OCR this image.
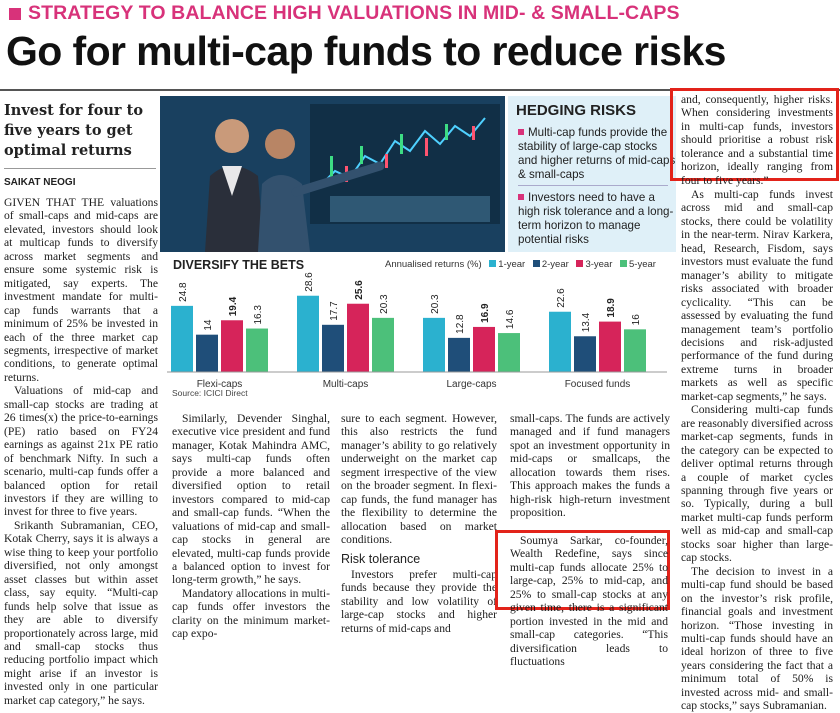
STRATEGY TO BALANCE HIGH VALUATIONS IN MID- & SMALL-CAPS
Go for multi-cap funds to reduce risks
Invest for four to five years to get optimal returns
SAIKAT NEOGI

GIVEN THAT THE valuations of small-caps and mid-caps are elevated, investors should look at multicap funds to diversify across market segments and ensure some systemic risk is mitigated, say experts. The investment mandate for multi-cap funds warrants that a minimum of 25% be invested in each of the three market cap segments, irrespective of market conditions, to generate optimal returns.

Valuations of mid-cap and small-cap stocks are trading at 26 times(x) the price-to-earnings (PE) ratio based on FY24 earnings as against 21x PE ratio of benchmark Nifty. In such a scenario, multi-cap funds offer a balanced option for retail investors if they are willing to invest for three to five years.

Srikanth Subramanian, CEO, Kotak Cherry, says it is always a wise thing to keep your portfolio diversified, not only amongst asset classes but within asset class, say equity. “Multi-cap funds help solve that issue as they are able to diversify proportionately across large, mid and small-cap stocks thus reducing portfolio impact which might arise if an investor is invested only in one particular market cap category,” he says.

HEDGING RISKS
Multi-cap funds provide the stability of large-cap stocks and higher returns of mid-caps & small-caps
Investors need to have a high risk tolerance and a long-term horizon to manage potential risks
DIVERSIFY THE BETS	Annualised returns (%) 1-year 2-year 3-year 5-year
24.8
14
19.4 16.3
Flexi-caps
28.6
17.7
25.6
20.3
Multi-caps
20.3
12.8
16.9 14.6
Large-caps
22.6
13.4
18.9
16
Focused funds
Source: ICICI Direct

Similarly, Devender Singhal, executive vice president and fund manager, Kotak Mahindra AMC, says multi-cap funds often provide a more balanced and diversified option to retail investors compared to mid-cap and small-cap funds. “When the valuations of mid-cap and small-cap stocks in general are elevated, multi-cap funds provide a balanced option to invest for long-term growth,” he says.

Mandatory allocations in multi-cap funds offer investors the clarity on the minimum market-cap expo-

sure to each segment. However, this also restricts the fund manager’s ability to go relatively underweight on the market cap segment irrespective of the view on the broader segment. In flexi-cap funds, the fund manager has the flexibility to determine the allocation based on market conditions.

Risk tolerance

Investors prefer multi-cap funds because they provide the stability and low volatility of large-cap stocks and higher returns of mid-caps and

small-caps. The funds are actively managed and if fund managers spot an investment opportunity in mid-caps or smallcaps, the allocation towards them rises. This approach makes the funds a high-risk high-return investment proposition.

Soumya Sarkar, co-founder, Wealth Redefine, says since multi-cap funds allocate 25% to large-cap, 25% to mid-cap, and 25% to small-cap stocks at any given time, there is a significant portion invested in the mid and small-cap categories. “This diversification leads to fluctuations

and, consequently, higher risks. When considering investments in multi-cap funds, investors should prioritise a robust risk tolerance and a substantial time horizon, ideally ranging from four to five years.”

As multi-cap funds invest across mid and small-cap stocks, there could be volatility in the near-term. Nirav Karkera, head, Research, Fisdom, says investors must evaluate the fund manager’s ability to mitigate risks associated with broader cyclicality. “This can be assessed by evaluating the fund management team’s portfolio decisions and risk-adjusted performance of the fund during extreme turns in broader markets as well as specific market-cap segments,” he says.

Considering multi-cap funds are reasonably diversified across market-cap segments, funds in the category can be expected to deliver optimal returns through a couple of market cycles spanning through five years or so. Typically, during a bull market multi-cap funds perform well as mid-cap and small-cap stocks soar higher than large-cap stocks.

The decision to invest in a multi-cap fund should be based on the investor’s risk profile, financial goals and investment horizon. “Those investing in multi-cap funds should have an ideal horizon of three to five years considering the fact that a minimum total of 50% is invested across mid- and small-cap stocks,” says Subramanian.
